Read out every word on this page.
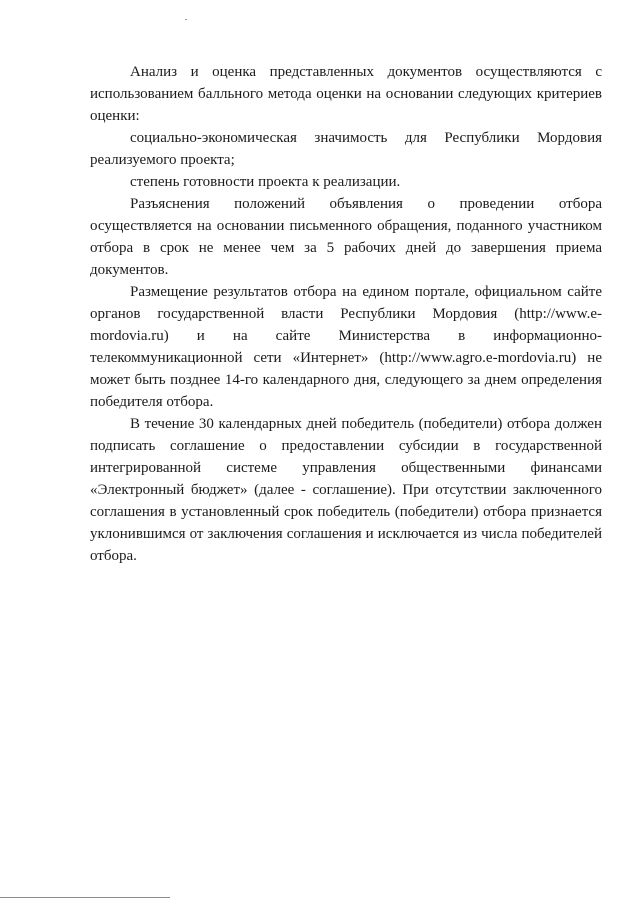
Анализ и оценка представленных документов осуществляются с использованием балльного метода оценки на основании следующих критериев оценки:

социально-экономическая значимость для Республики Мордовия реализуемого проекта;

степень готовности проекта к реализации.

Разъяснения положений объявления о проведении отбора осуществляется на основании письменного обращения, поданного участником отбора в срок не менее чем за 5 рабочих дней до завершения приема документов.

Размещение результатов отбора на едином портале, официальном сайте органов государственной власти Республики Мордовия (http://www.e-mordovia.ru) и на сайте Министерства в информационно-телекоммуникационной сети «Интернет» (http://www.agro.e-mordovia.ru) не может быть позднее 14-го календарного дня, следующего за днем определения победителя отбора.

В течение 30 календарных дней победитель (победители) отбора должен подписать соглашение о предоставлении субсидии в государственной интегрированной системе управления общественными финансами «Электронный бюджет» (далее - соглашение). При отсутствии заключенного соглашения в установленный срок победитель (победители) отбора признается уклонившимся от заключения соглашения и исключается из числа победителей отбора.
